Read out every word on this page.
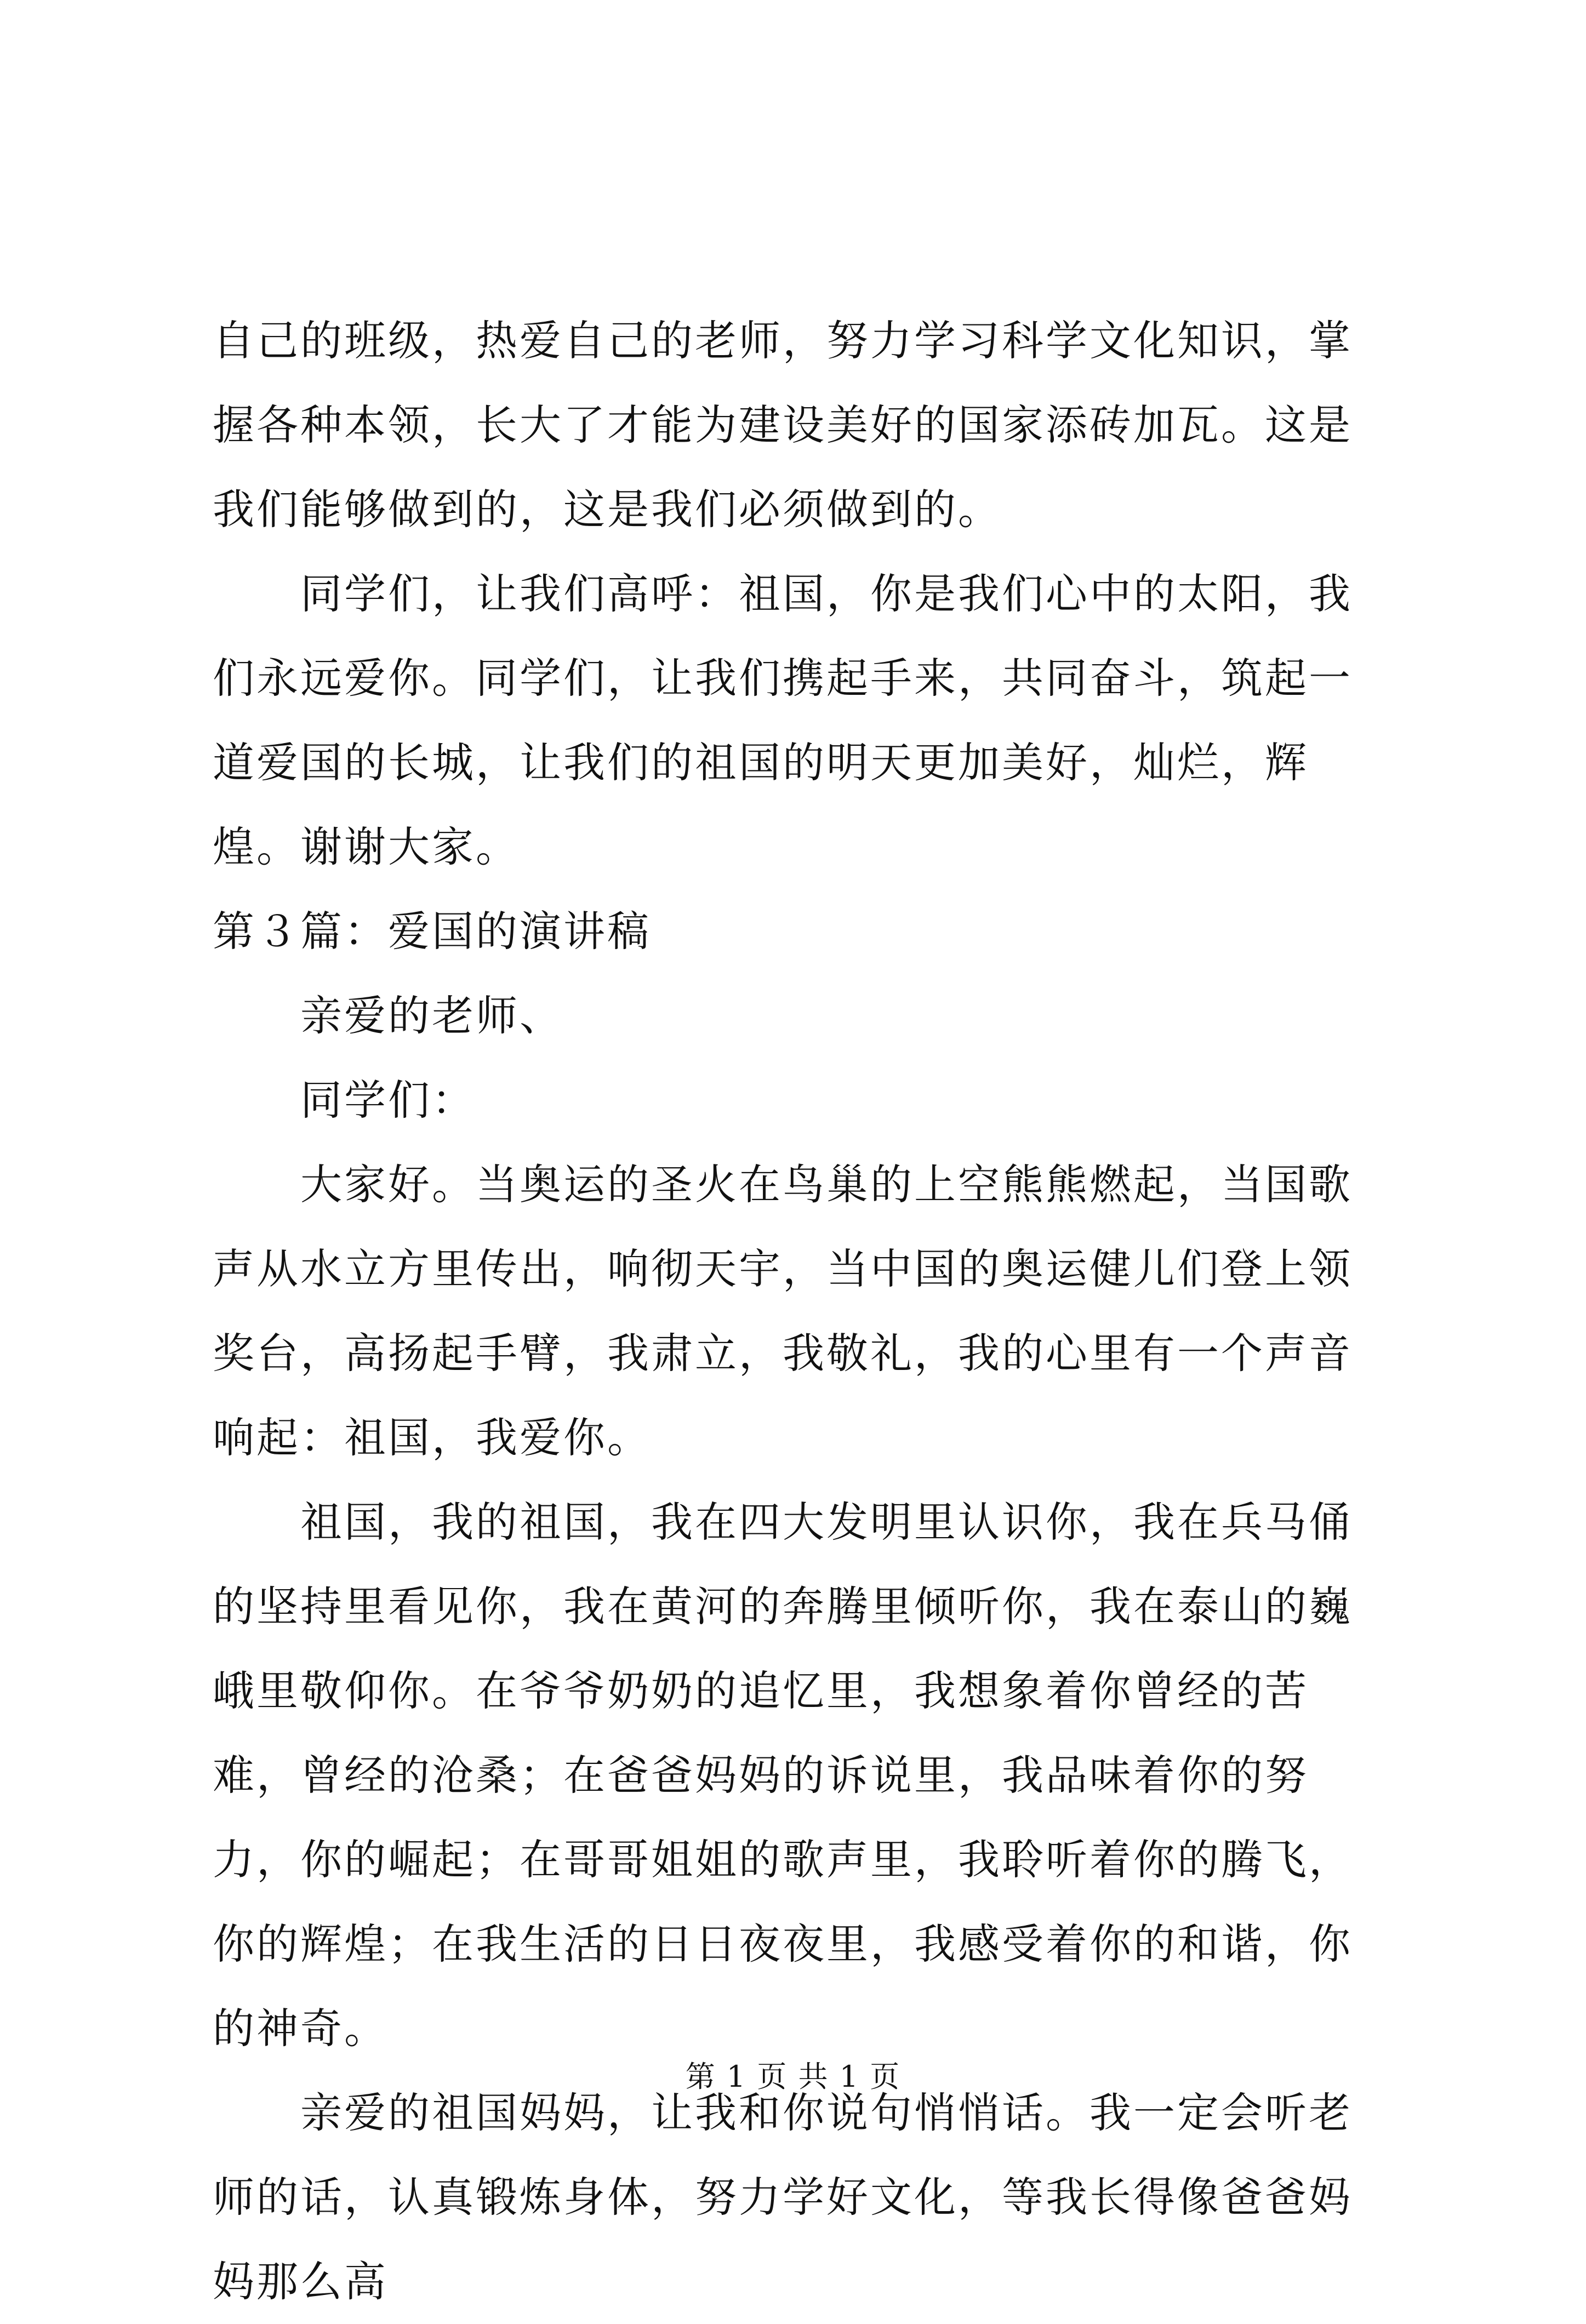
自己的班级，热爱自己的老师，努力学习科学文化知识，掌握各种本领，长大了才能为建设美好的国家添砖加瓦。这是我们能够做到的，这是我们必须做到的。

同学们，让我们高呼：祖国，你是我们心中的太阳，我们永远爱你。同学们，让我们携起手来，共同奋斗，筑起一道爱国的长城，让我们的祖国的明天更加美好，灿烂，辉煌。谢谢大家。

第３篇：爱国的演讲稿

亲爱的老师、

同学们：

大家好。当奥运的圣火在鸟巢的上空熊熊燃起，当国歌声从水立方里传出，响彻天宇，当中国的奥运健儿们登上领奖台，高扬起手臂，我肃立，我敬礼，我的心里有一个声音响起：祖国，我爱你。

祖国，我的祖国，我在四大发明里认识你，我在兵马俑的坚持里看见你，我在黄河的奔腾里倾听你，我在泰山的巍峨里敬仰你。在爷爷奶奶的追忆里，我想象着你曾经的苦难，曾经的沧桑；在爸爸妈妈的诉说里，我品味着你的努力，你的崛起；在哥哥姐姐的歌声里，我聆听着你的腾飞，你的辉煌；在我生活的日日夜夜里，我感受着你的和谐，你的神奇。

亲爱的祖国妈妈，让我和你说句悄悄话。我一定会听老师的话，认真锻炼身体，努力学好文化，等我长得像爸爸妈妈那么高

第 1 页 共 1 页
